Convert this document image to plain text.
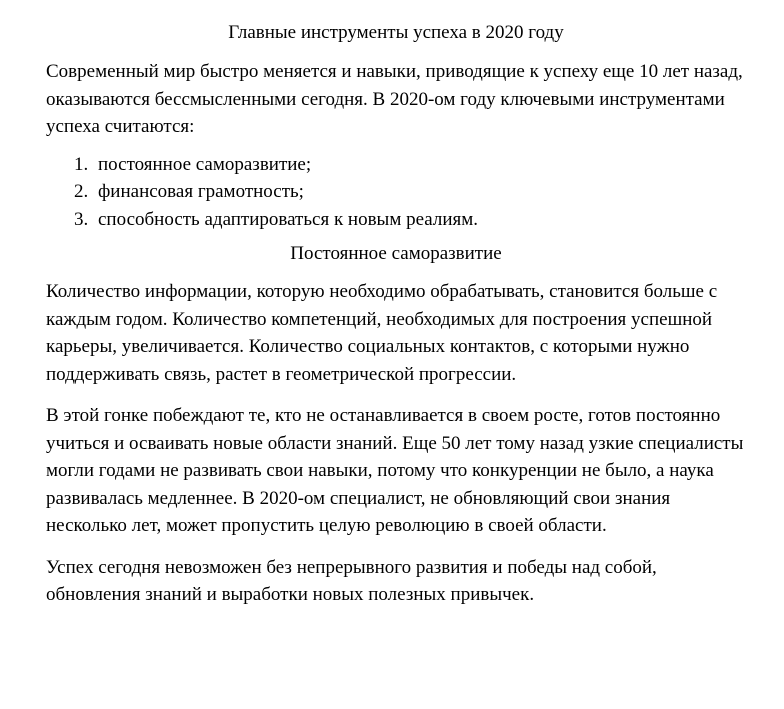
Главные инструменты успеха в 2020 году
Современный мир быстро меняется и навыки, приводящие к успеху еще 10 лет назад, оказываются бессмысленными сегодня. В 2020-ом году ключевыми инструментами успеха считаются:
1. постоянное саморазвитие;
2. финансовая грамотность;
3. способность адаптироваться к новым реалиям.
Постоянное саморазвитие
Количество информации, которую необходимо обрабатывать, становится больше с каждым годом. Количество компетенций, необходимых для построения успешной карьеры, увеличивается. Количество социальных контактов, с которыми нужно поддерживать связь, растет в геометрической прогрессии.
В этой гонке побеждают те, кто не останавливается в своем росте, готов постоянно учиться и осваивать новые области знаний. Еще 50 лет тому назад узкие специалисты могли годами не развивать свои навыки, потому что конкуренции не было, а наука развивалась медленнее. В 2020-ом специалист, не обновляющий свои знания несколько лет, может пропустить целую революцию в своей области.
Успех сегодня невозможен без непрерывного развития и победы над собой, обновления знаний и выработки новых полезных привычек.
